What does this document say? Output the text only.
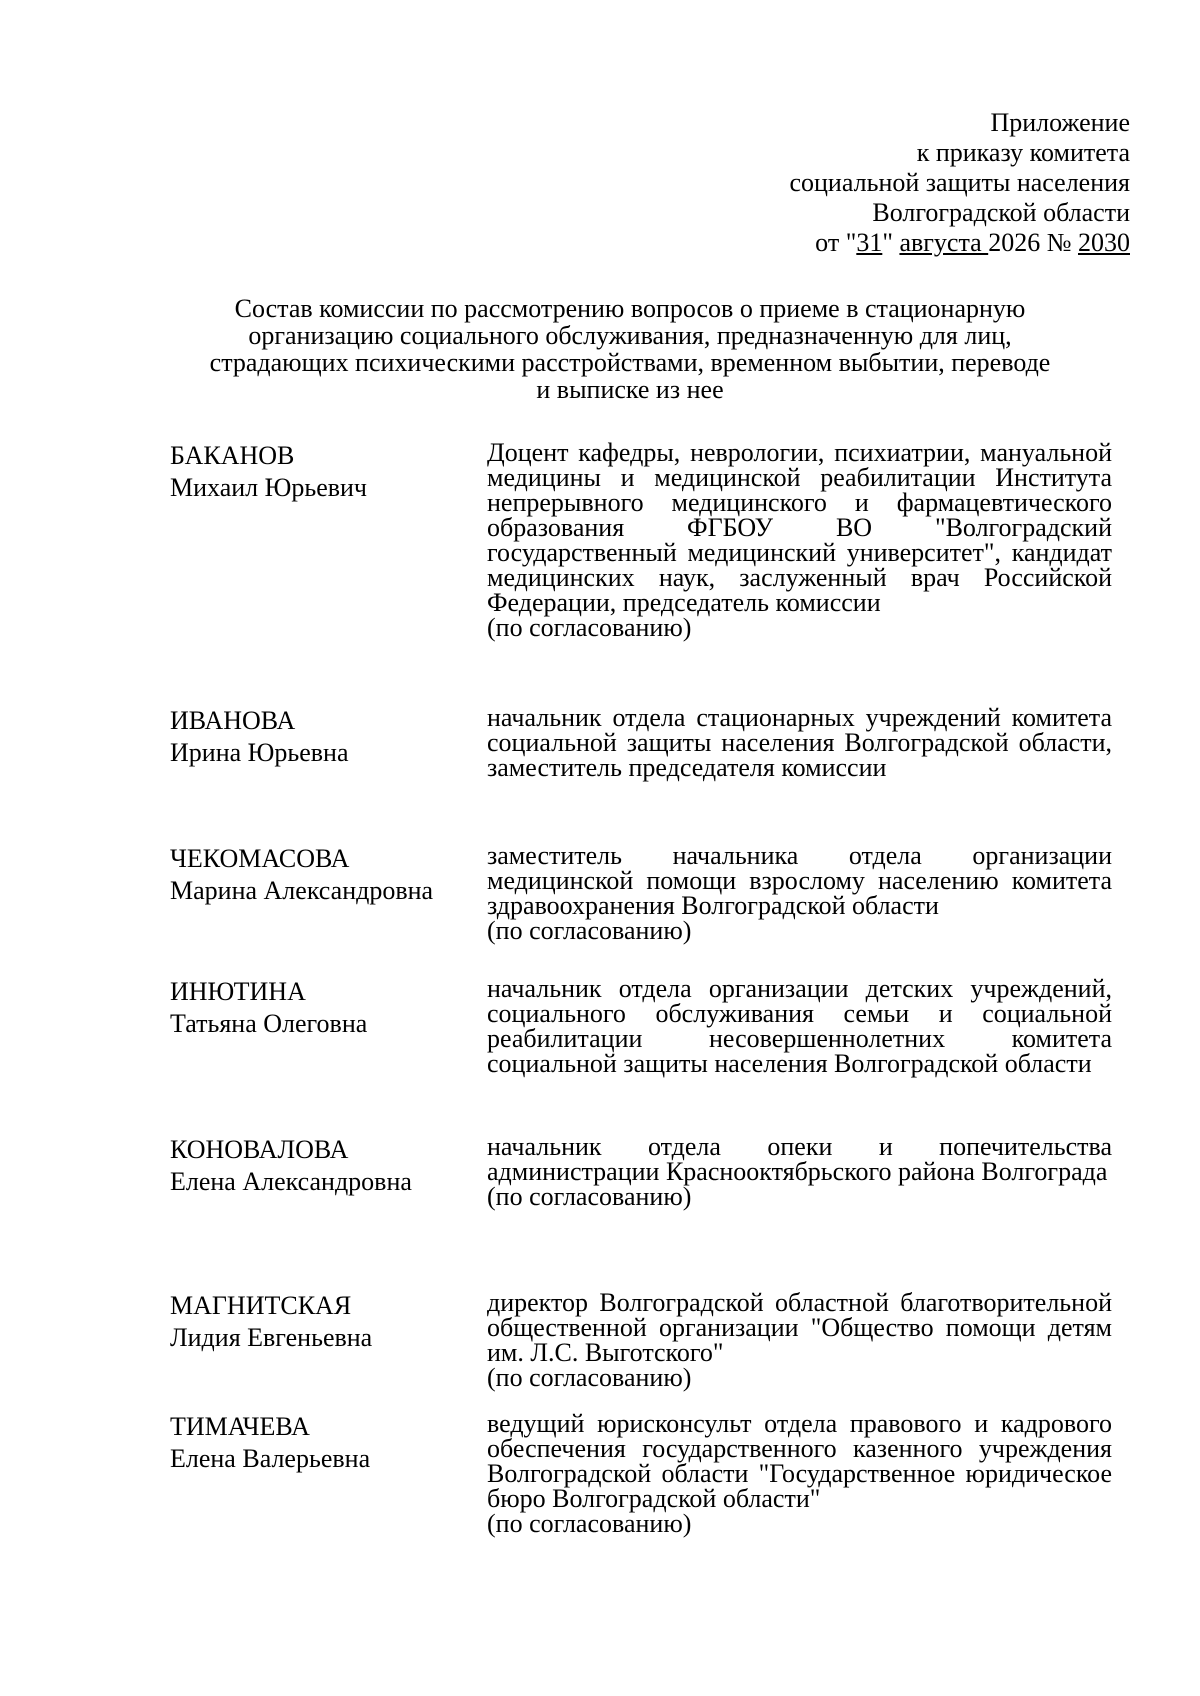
Приложение
к приказу комитета
социальной защиты населения
Волгоградской области
от "31" августа 2026 № 2030
Состав комиссии по рассмотрению вопросов о приеме в стационарную
организацию социального обслуживания, предназначенную для лиц,
страдающих психическими расстройствами, временном выбытии, переводе
и выписке из нее
БАКАНОВ
Михаил Юрьевич
Доцент кафедры, неврологии, психиатрии, мануальной медицины и медицинской реабилитации Института непрерывного медицинского и фармацевтического образования ФГБОУ ВО "Волгоградский государственный медицинский университет", кандидат медицинских наук, заслуженный врач Российской Федерации, председатель комиссии
(по согласованию)
ИВАНОВА
Ирина Юрьевна
начальник отдела стационарных учреждений комитета социальной защиты населения Волгоградской области, заместитель председателя комиссии
ЧЕКОМАСОВА
Марина Александровна
заместитель начальника отдела организации медицинской помощи взрослому населению комитета здравоохранения Волгоградской области
(по согласованию)
ИНЮТИНА
Татьяна Олеговна
начальник отдела организации детских учреждений, социального обслуживания семьи и социальной реабилитации несовершеннолетних комитета социальной защиты населения Волгоградской области
КОНОВАЛОВА
Елена Александровна
начальник отдела опеки и попечительства администрации Краснооктябрьского района Волгограда
(по согласованию)
МАГНИТСКАЯ
Лидия Евгеньевна
директор Волгоградской областной благотворительной общественной организации "Общество помощи детям им. Л.С. Выготского"
(по согласованию)
ТИМАЧЕВА
Елена Валерьевна
ведущий юрисконсульт отдела правового и кадрового обеспечения государственного казенного учреждения Волгоградской области "Государственное юридическое бюро Волгоградской области"
(по согласованию)
